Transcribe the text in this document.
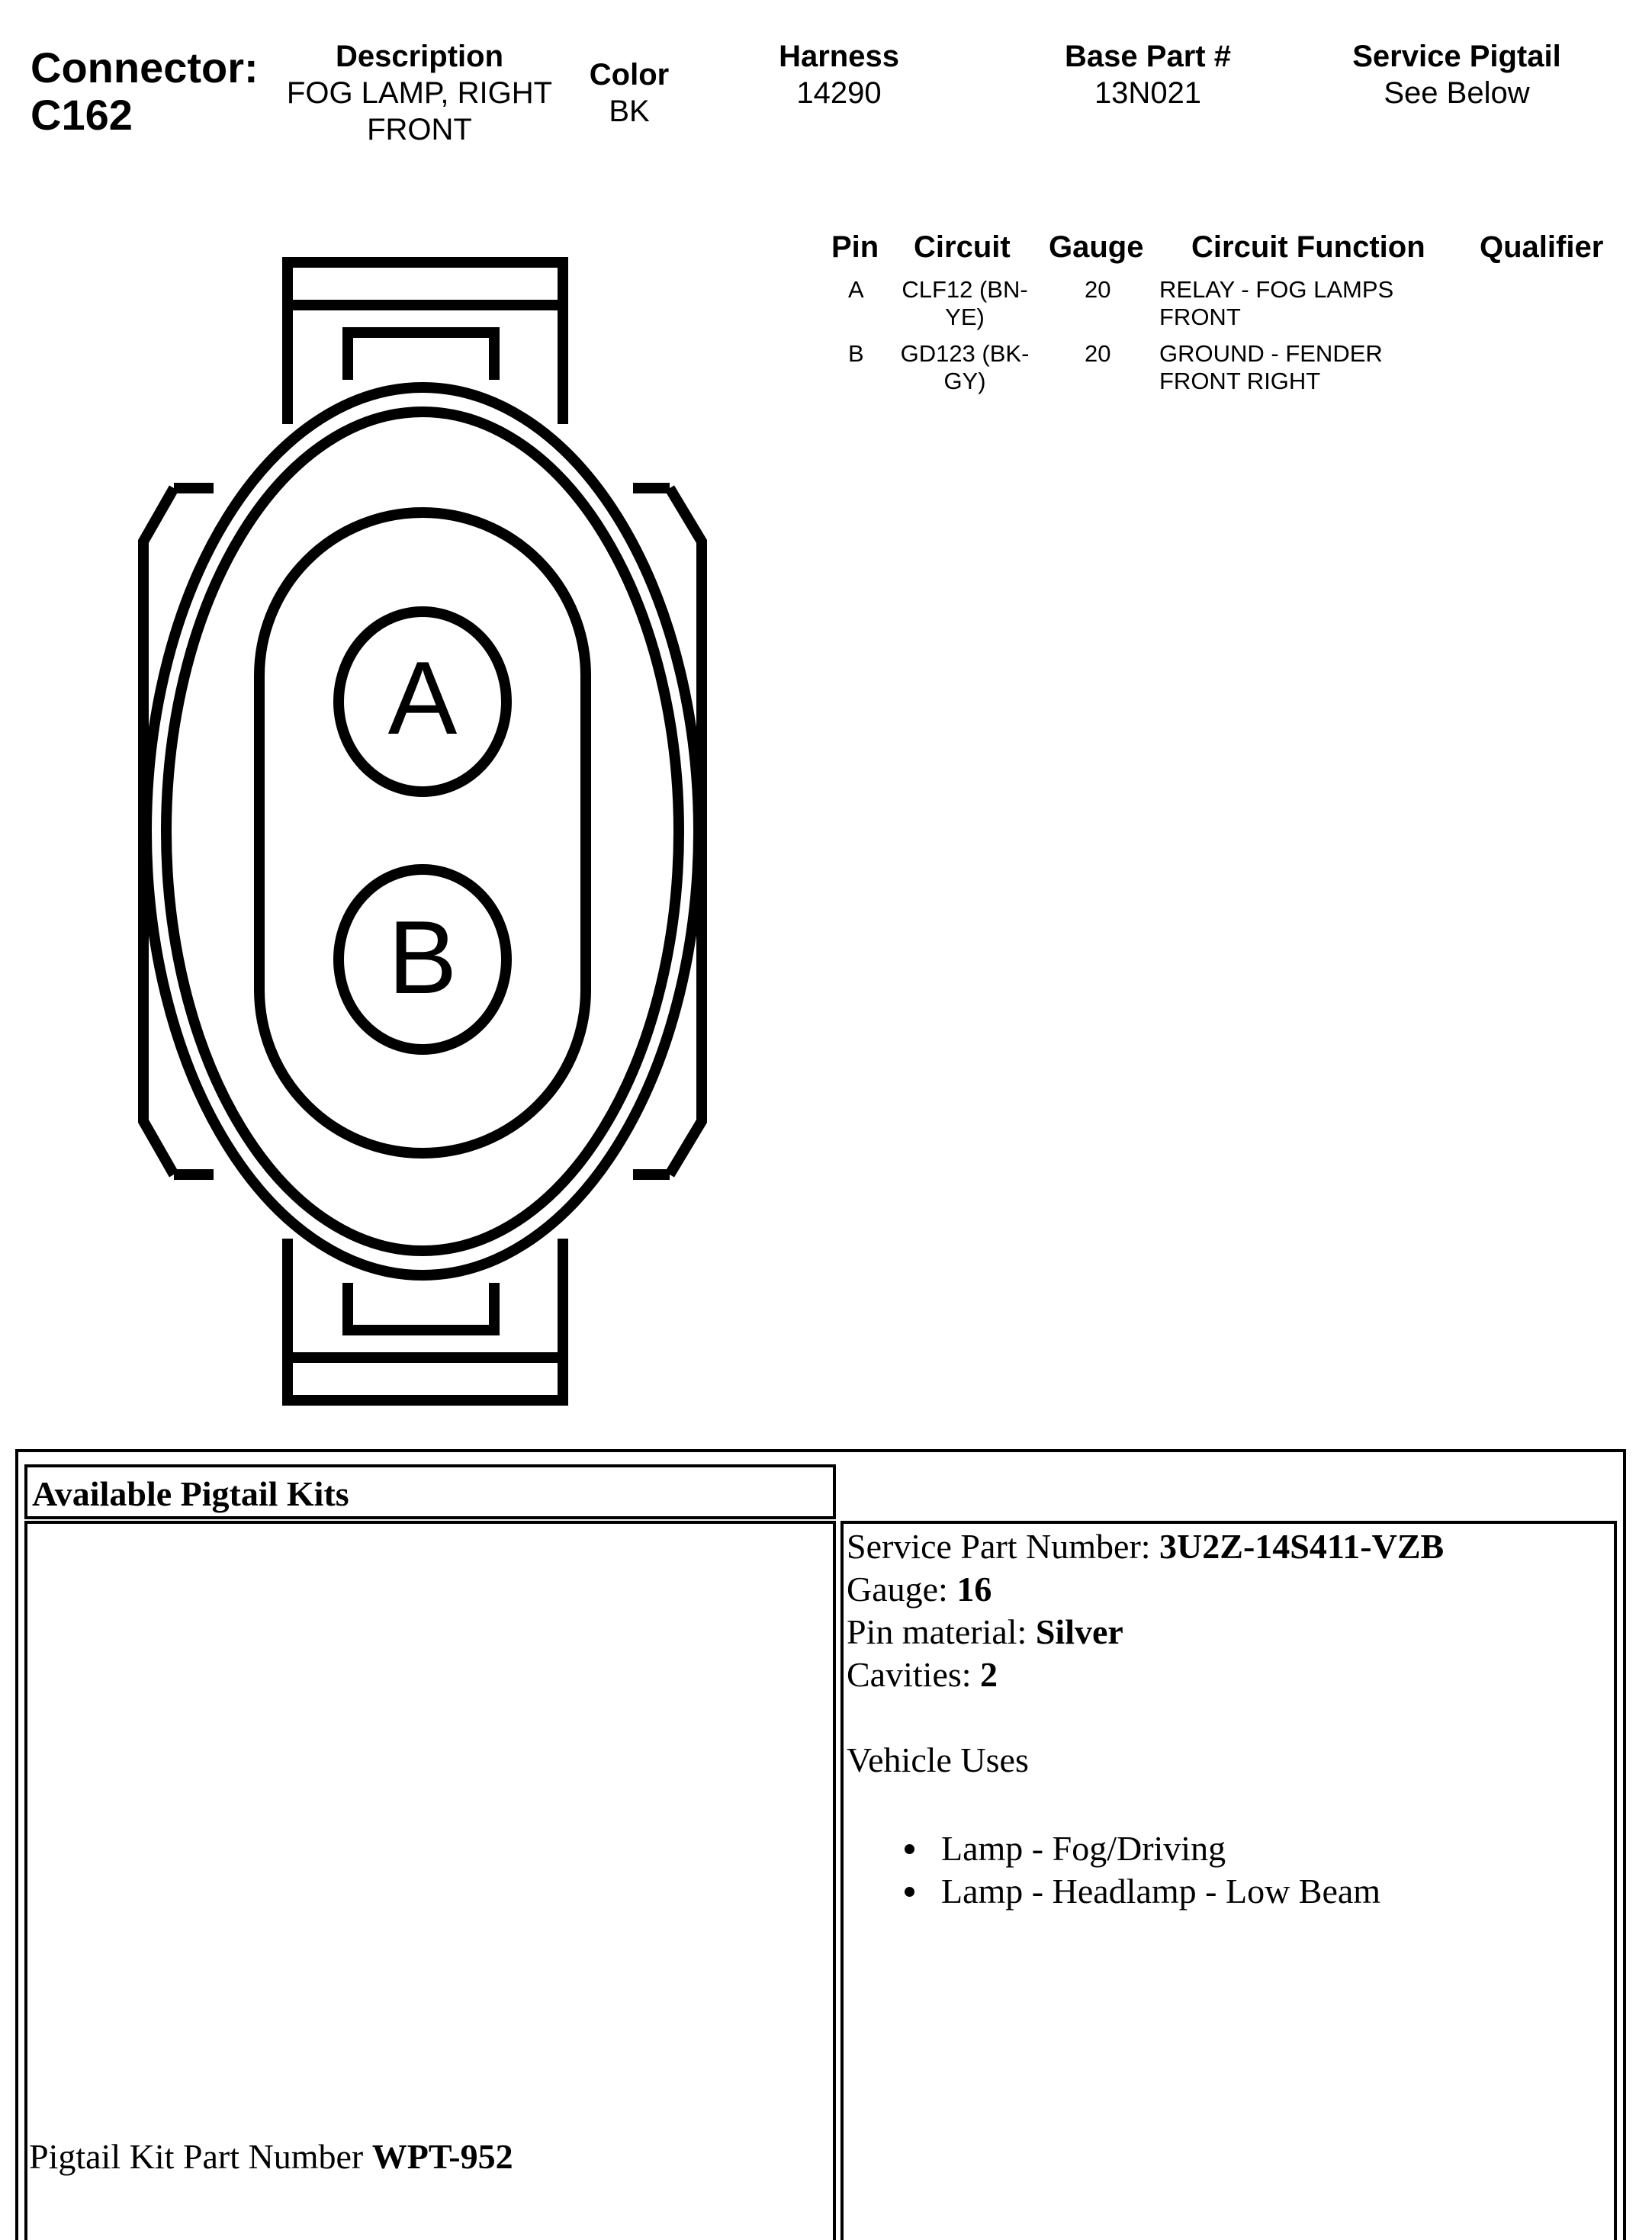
Connector:
C162
Description
FOG LAMP, RIGHT
FRONT
Color
BK
Harness
14290
Base Part #
13N021
Service Pigtail
See Below
Pin Circuit Gauge Circuit Function Qualifier
A	CLF12 (BN-
YE)
20 RELAY - FOG LAMPS
FRONT
B	GD123 (BK-
GY)
20 GROUND - FENDER
FRONT RIGHT
A
B
Available Pigtail Kits
Pigtail Kit Part Number WPT-952
Service Part Number: 3U2Z-14S411-VZB
Gauge: 16
Pin material: Silver
Cavities: 2
Vehicle Uses
Lamp - Fog/Driving
Lamp - Headlamp - Low Beam
